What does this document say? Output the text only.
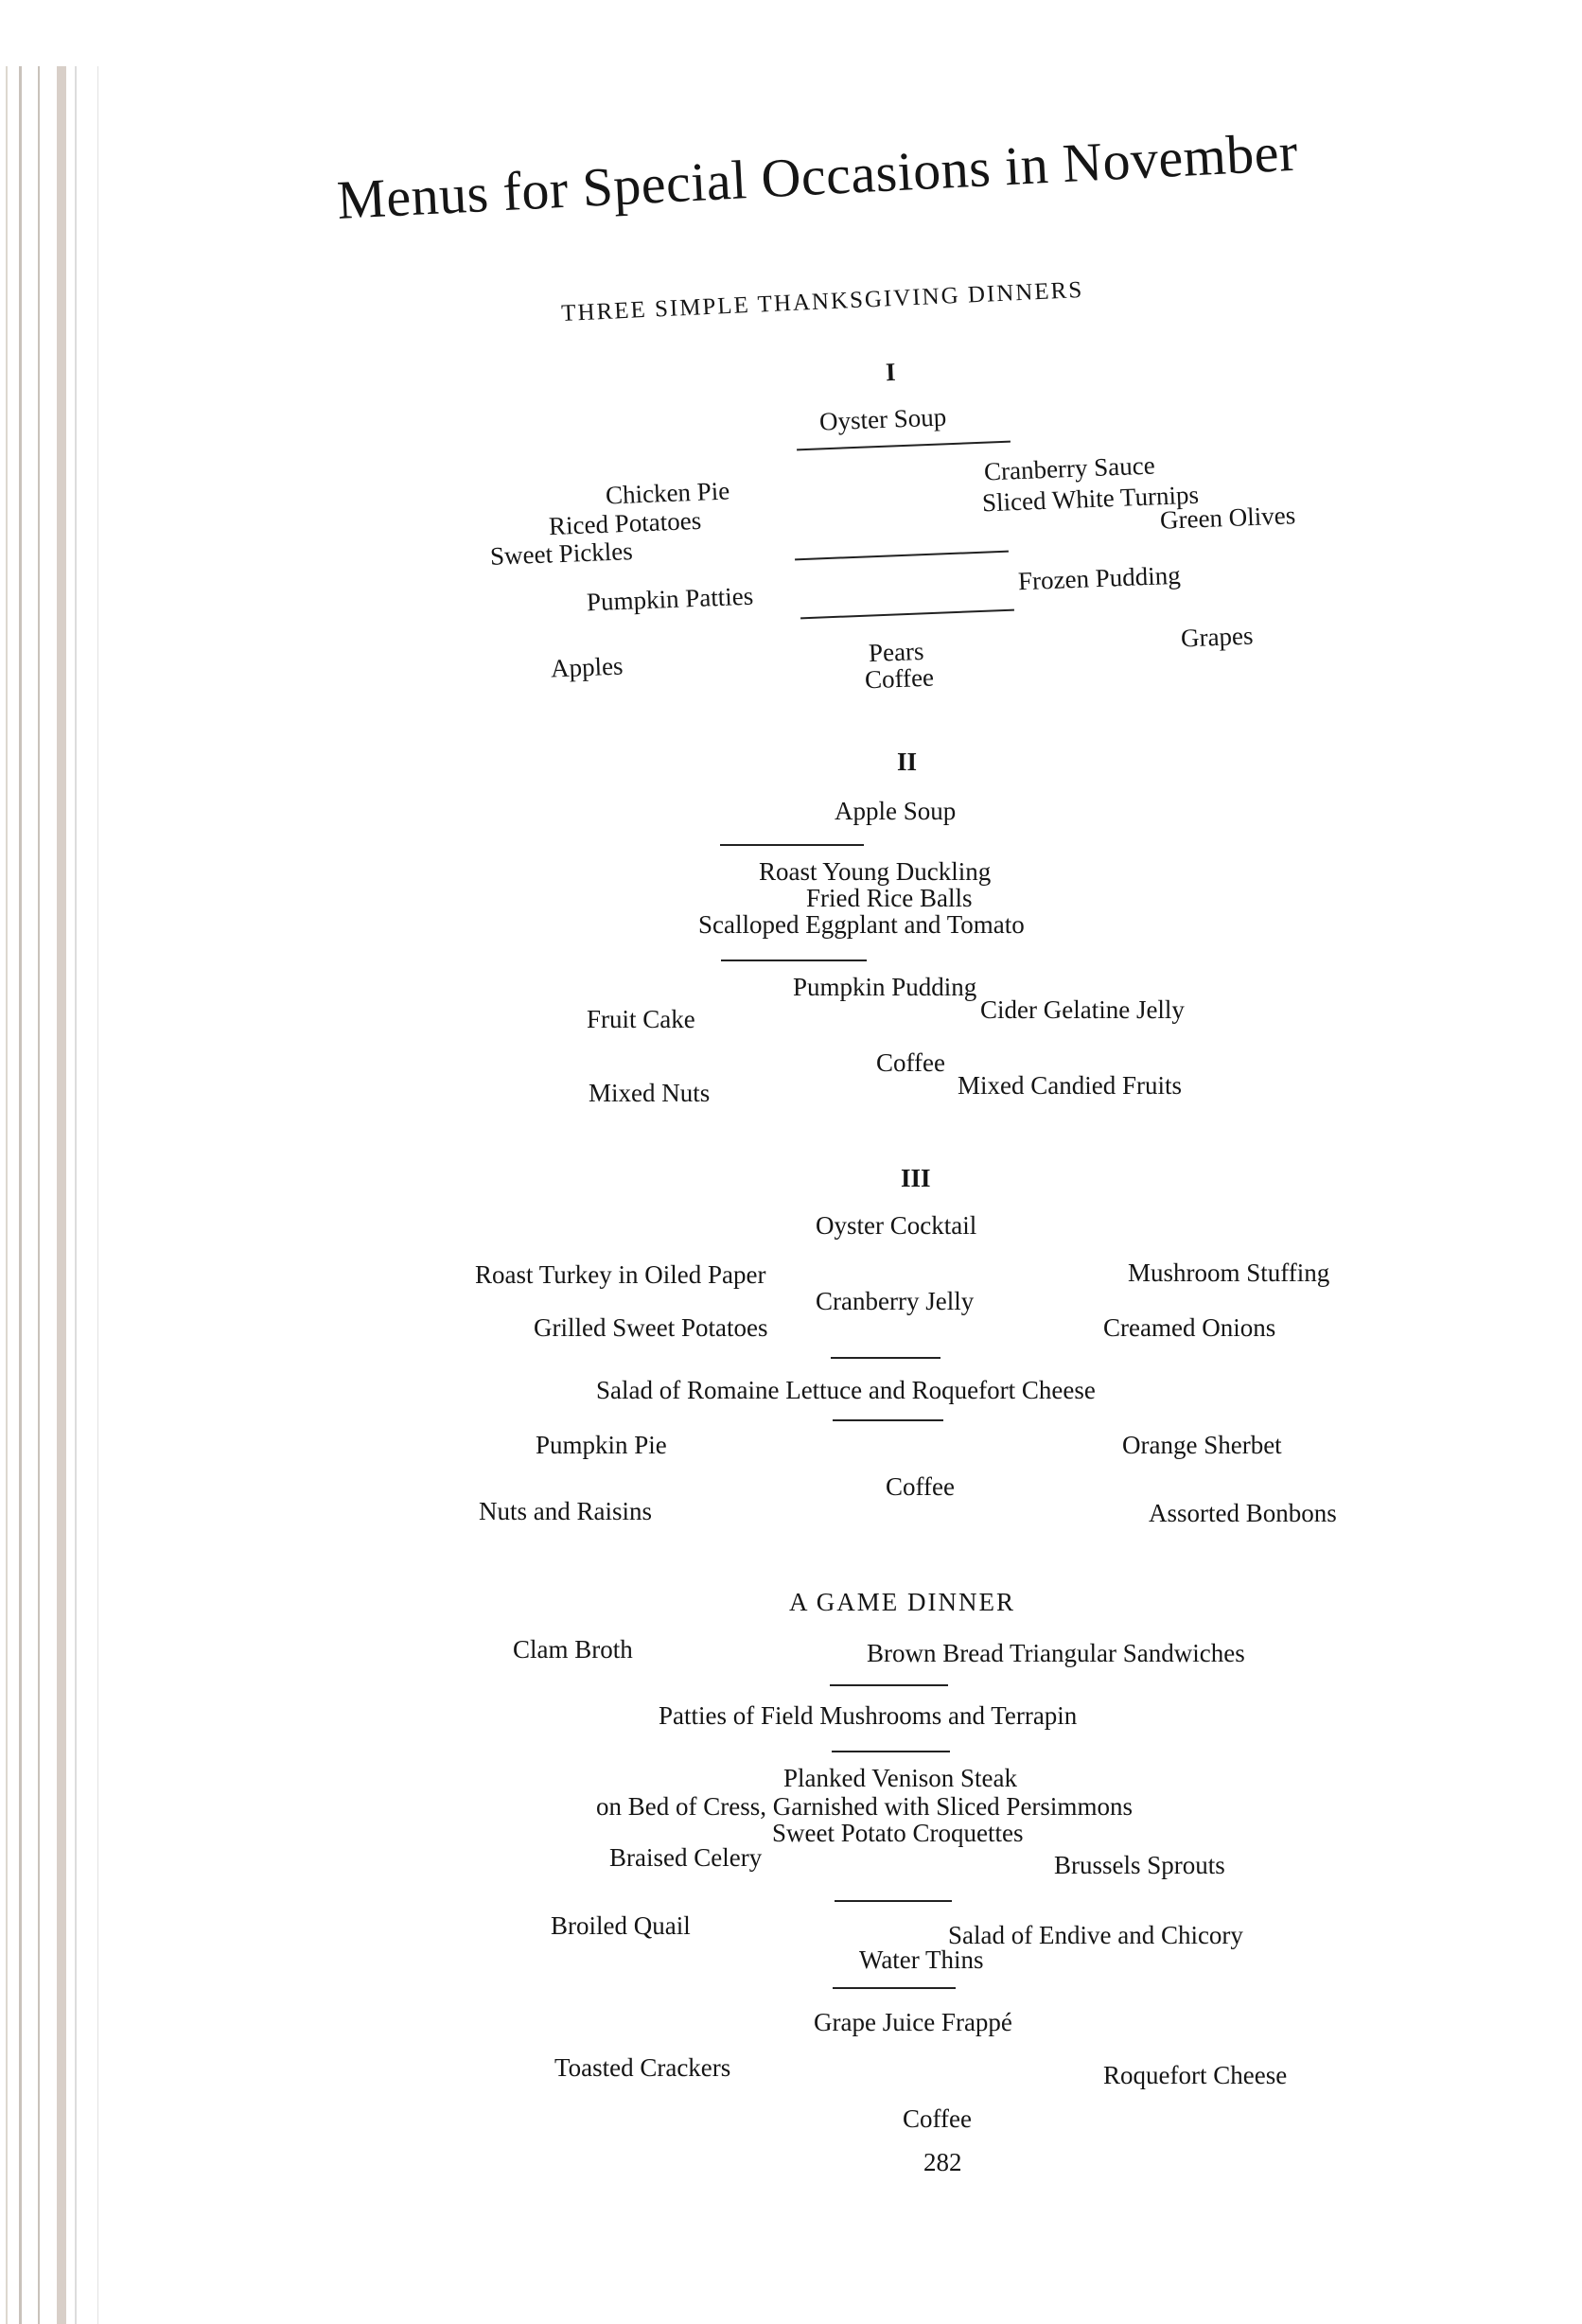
Menus for Special Occasions in November
THREE SIMPLE THANKSGIVING DINNERS
I
Oyster Soup
Cranberry Sauce
Chicken Pie	Sliced White Turnips
Riced Potatoes	Green Olives
Sweet Pickles
Frozen Pudding
Pumpkin Patties
Grapes
Pears
Apples	Coffee
II
Apple Soup
Roast Young Duckling
Fried Rice Balls
Scalloped Eggplant and Tomato
Pumpkin Pudding
Cider Gelatine Jelly
Fruit Cake
Coffee
Mixed Candied Fruits
Mixed Nuts
III
Oyster Cocktail
Roast Turkey in Oiled Paper	Mushroom Stuffing
Cranberry Jelly
Grilled Sweet Potatoes	Creamed Onions
Salad of Romaine Lettuce and Roquefort Cheese
Pumpkin Pie	Orange Sherbet
Coffee
Nuts and Raisins	Assorted Bonbons
A GAME DINNER
Clam Broth	Brown Bread Triangular Sandwiches
Patties of Field Mushrooms and Terrapin
Planked Venison Steak
on Bed of Cress, Garnished with Sliced Persimmons
Sweet Potato Croquettes
Braised Celery	Brussels Sprouts
Broiled Quail	Salad of Endive and Chicory
Water Thins
Grape Juice Frappé
Toasted Crackers	Roquefort Cheese
Coffee
282
